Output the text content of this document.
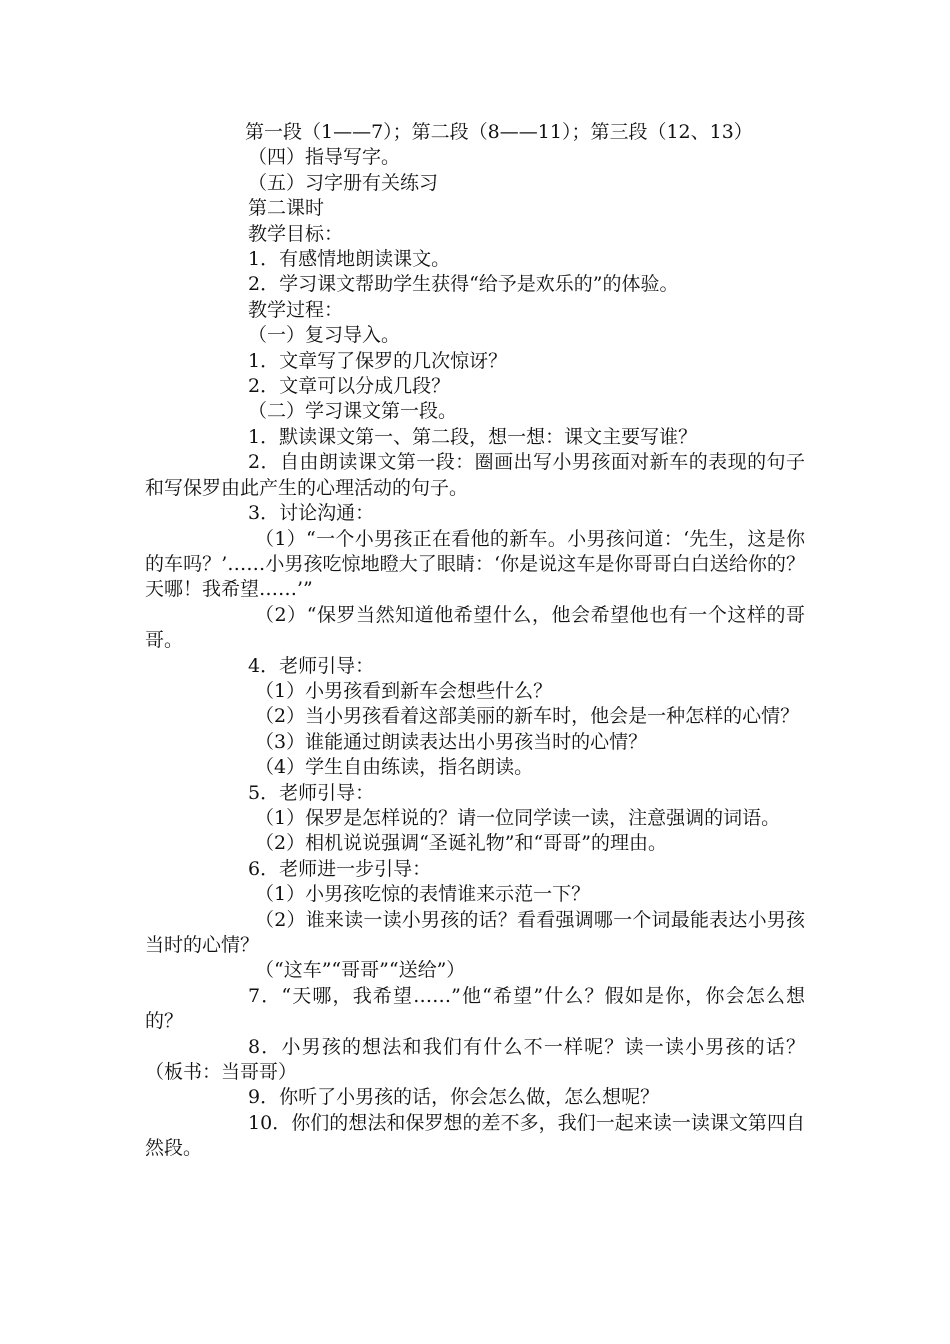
第一段（1——7）；第二段（8——11）；第三段（12、13）

（四）指导写字。

（五）习字册有关练习

第二课时

教学目标：

1．有感情地朗读课文。

2．学习课文帮助学生获得“给予是欢乐的”的体验。

教学过程：

（一）复习导入。

1．文章写了保罗的几次惊讶？

2．文章可以分成几段？

（二）学习课文第一段。

1．默读课文第一、第二段，想一想：课文主要写谁？

2．自由朗读课文第一段：圈画出写小男孩面对新车的表现的句子和写保罗由此产生的心理活动的句子。

3．讨论沟通：

（1）“一个小男孩正在看他的新车。小男孩问道：‘先生，这是你的车吗？’……小男孩吃惊地瞪大了眼睛：‘你是说这车是你哥哥白白送给你的？天哪！我希望……’”

（2）“保罗当然知道他希望什么，他会希望他也有一个这样的哥哥。

4．老师引导：

（1）小男孩看到新车会想些什么？

（2）当小男孩看着这部美丽的新车时，他会是一种怎样的心情？

（3）谁能通过朗读表达出小男孩当时的心情？

（4）学生自由练读，指名朗读。

5．老师引导：

（1）保罗是怎样说的？请一位同学读一读，注意强调的词语。

（2）相机说说强调“圣诞礼物”和“哥哥”的理由。

6．老师进一步引导：

（1）小男孩吃惊的表情谁来示范一下？

（2）谁来读一读小男孩的话？看看强调哪一个词最能表达小男孩当时的心情？

（“这车”“哥哥”“送给”）

7．“天哪，我希望……”他“希望”什么？假如是你，你会怎么想的？

8．小男孩的想法和我们有什么不一样呢？读一读小男孩的话？（板书：当哥哥）

9．你听了小男孩的话，你会怎么做，怎么想呢？

10．你们的想法和保罗想的差不多，我们一起来读一读课文第四自然段。
